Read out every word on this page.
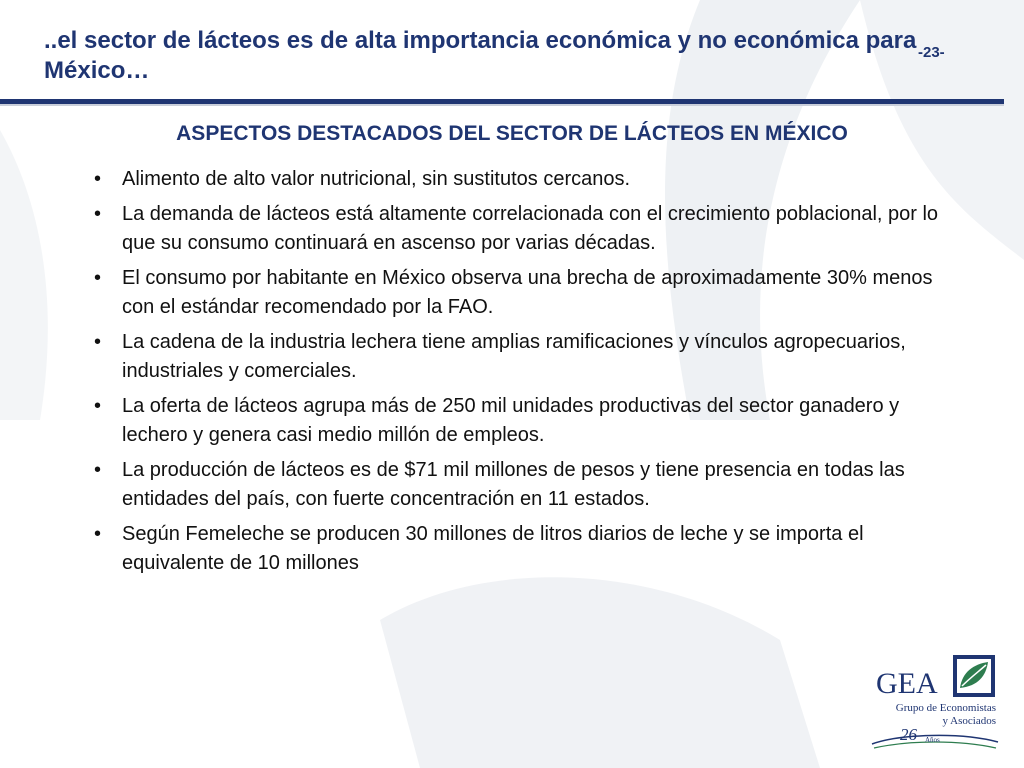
..el sector de lácteos es de alta importancia económica y no económica para México…
-23-
ASPECTOS DESTACADOS DEL SECTOR DE LÁCTEOS EN MÉXICO
• Alimento de alto valor nutricional, sin sustitutos cercanos.
• La demanda de lácteos está altamente correlacionada con el crecimiento poblacional, por lo que su consumo continuará en ascenso por varias décadas.
• El consumo por habitante en México observa una brecha de aproximadamente 30% menos con el estándar recomendado por la FAO.
• La cadena de la industria lechera tiene amplias ramificaciones y vínculos agropecuarios, industriales y comerciales.
• La oferta de lácteos agrupa más de 250 mil unidades productivas del sector ganadero y lechero y genera casi medio millón de empleos.
• La producción de lácteos es de $71 mil millones de pesos y tiene presencia en todas las entidades del país, con fuerte concentración en 11 estados.
• Según Femeleche se producen 30 millones de litros diarios de leche y se importa el equivalente de 10 millones
GEA
Grupo de Economistas
y Asociados
26 Años
